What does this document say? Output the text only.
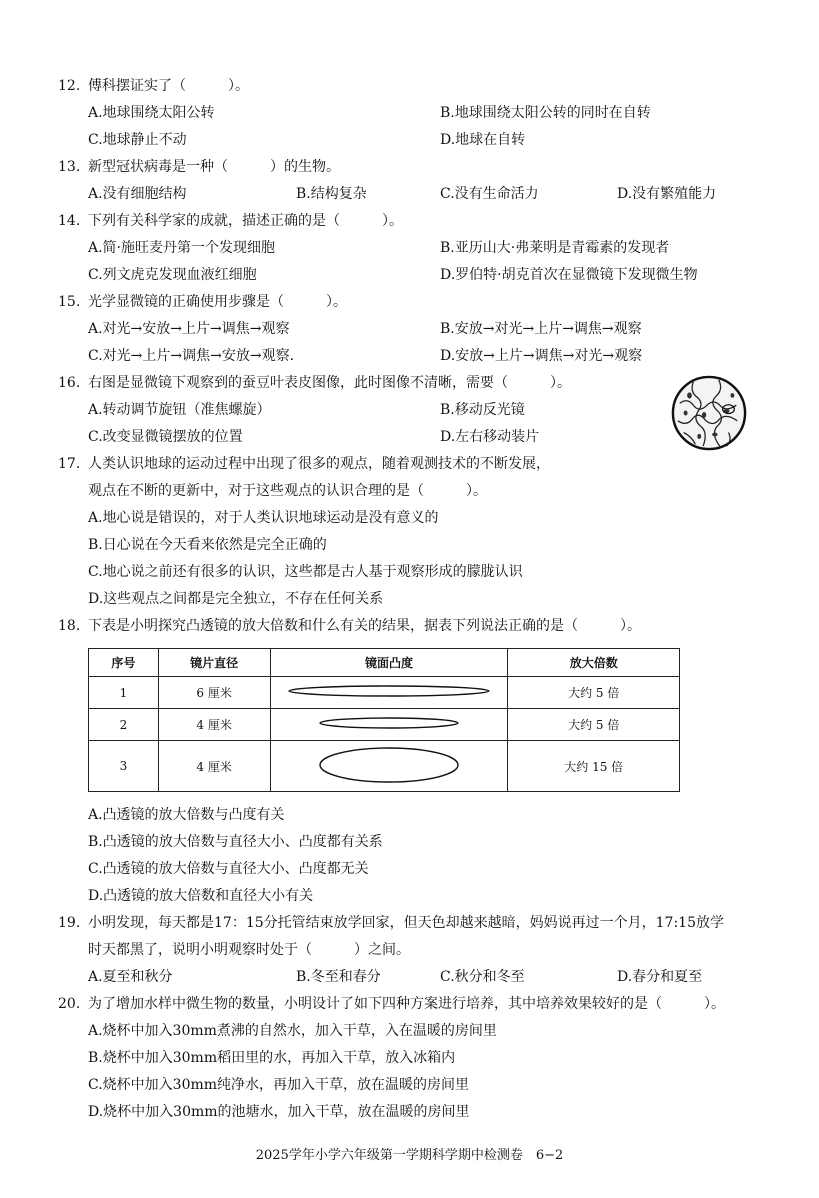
12. 傅科摆证实了（　　　）。
A.地球围绕太阳公转	B.地球围绕太阳公转的同时在自转
C.地球静止不动	D.地球在自转
13. 新型冠状病毒是一种（　　　）的生物。
A.没有细胞结构	B.结构复杂	C.没有生命活力	D.没有繁殖能力
14. 下列有关科学家的成就，描述正确的是（　　　）。
A.简·施旺麦丹第一个发现细胞	B.亚历山大·弗莱明是青霉素的发现者
C.列文虎克发现血液红细胞	D.罗伯特·胡克首次在显微镜下发现微生物
15. 光学显微镜的正确使用步骤是（　　　）。
A.对光→安放→上片→调焦→观察	B.安放→对光→上片→调焦→观察
C.对光→上片→调焦→安放→观察.	D.安放→上片→调焦→对光→观察
16. 右图是显微镜下观察到的蚕豆叶表皮图像，此时图像不清晰，需要（　　　）。
A.转动调节旋钮（准焦螺旋）	B.移动反光镜
C.改变显微镜摆放的位置	D.左右移动装片
17. 人类认识地球的运动过程中出现了很多的观点，随着观测技术的不断发展，
观点在不断的更新中，对于这些观点的认识合理的是（　　　）。
A.地心说是错误的，对于人类认识地球运动是没有意义的
B.日心说在今天看来依然是完全正确的
C.地心说之前还有很多的认识，这些都是古人基于观察形成的朦胧认识
D.这些观点之间都是完全独立，不存在任何关系
18. 下表是小明探究凸透镜的放大倍数和什么有关的结果，据表下列说法正确的是（　　　）。
序号	镜片直径	镜面凸度	放大倍数
1	6 厘米		大约 5 倍
2	4 厘米		大约 5 倍
3	4 厘米		大约 15 倍
A.凸透镜的放大倍数与凸度有关
B.凸透镜的放大倍数与直径大小、凸度都有关系
C.凸透镜的放大倍数与直径大小、凸度都无关
D.凸透镜的放大倍数和直径大小有关
19. 小明发现，每天都是17：15分托管结束放学回家，但天色却越来越暗，妈妈说再过一个月，17:15放学
时天都黑了，说明小明观察时处于（　　　）之间。
A.夏至和秋分	B.冬至和春分	C.秋分和冬至	D.春分和夏至
20. 为了增加水样中微生物的数量，小明设计了如下四种方案进行培养，其中培养效果较好的是（　　　）。
A.烧杯中加入30mm煮沸的自然水，加入干草，入在温暖的房间里
B.烧杯中加入30mm稻田里的水，再加入干草，放入冰箱内
C.烧杯中加入30mm纯净水，再加入干草，放在温暖的房间里
D.烧杯中加入30mm的池塘水，加入干草，放在温暖的房间里
2025学年小学六年级第一学期科学期中检测卷　6−2
